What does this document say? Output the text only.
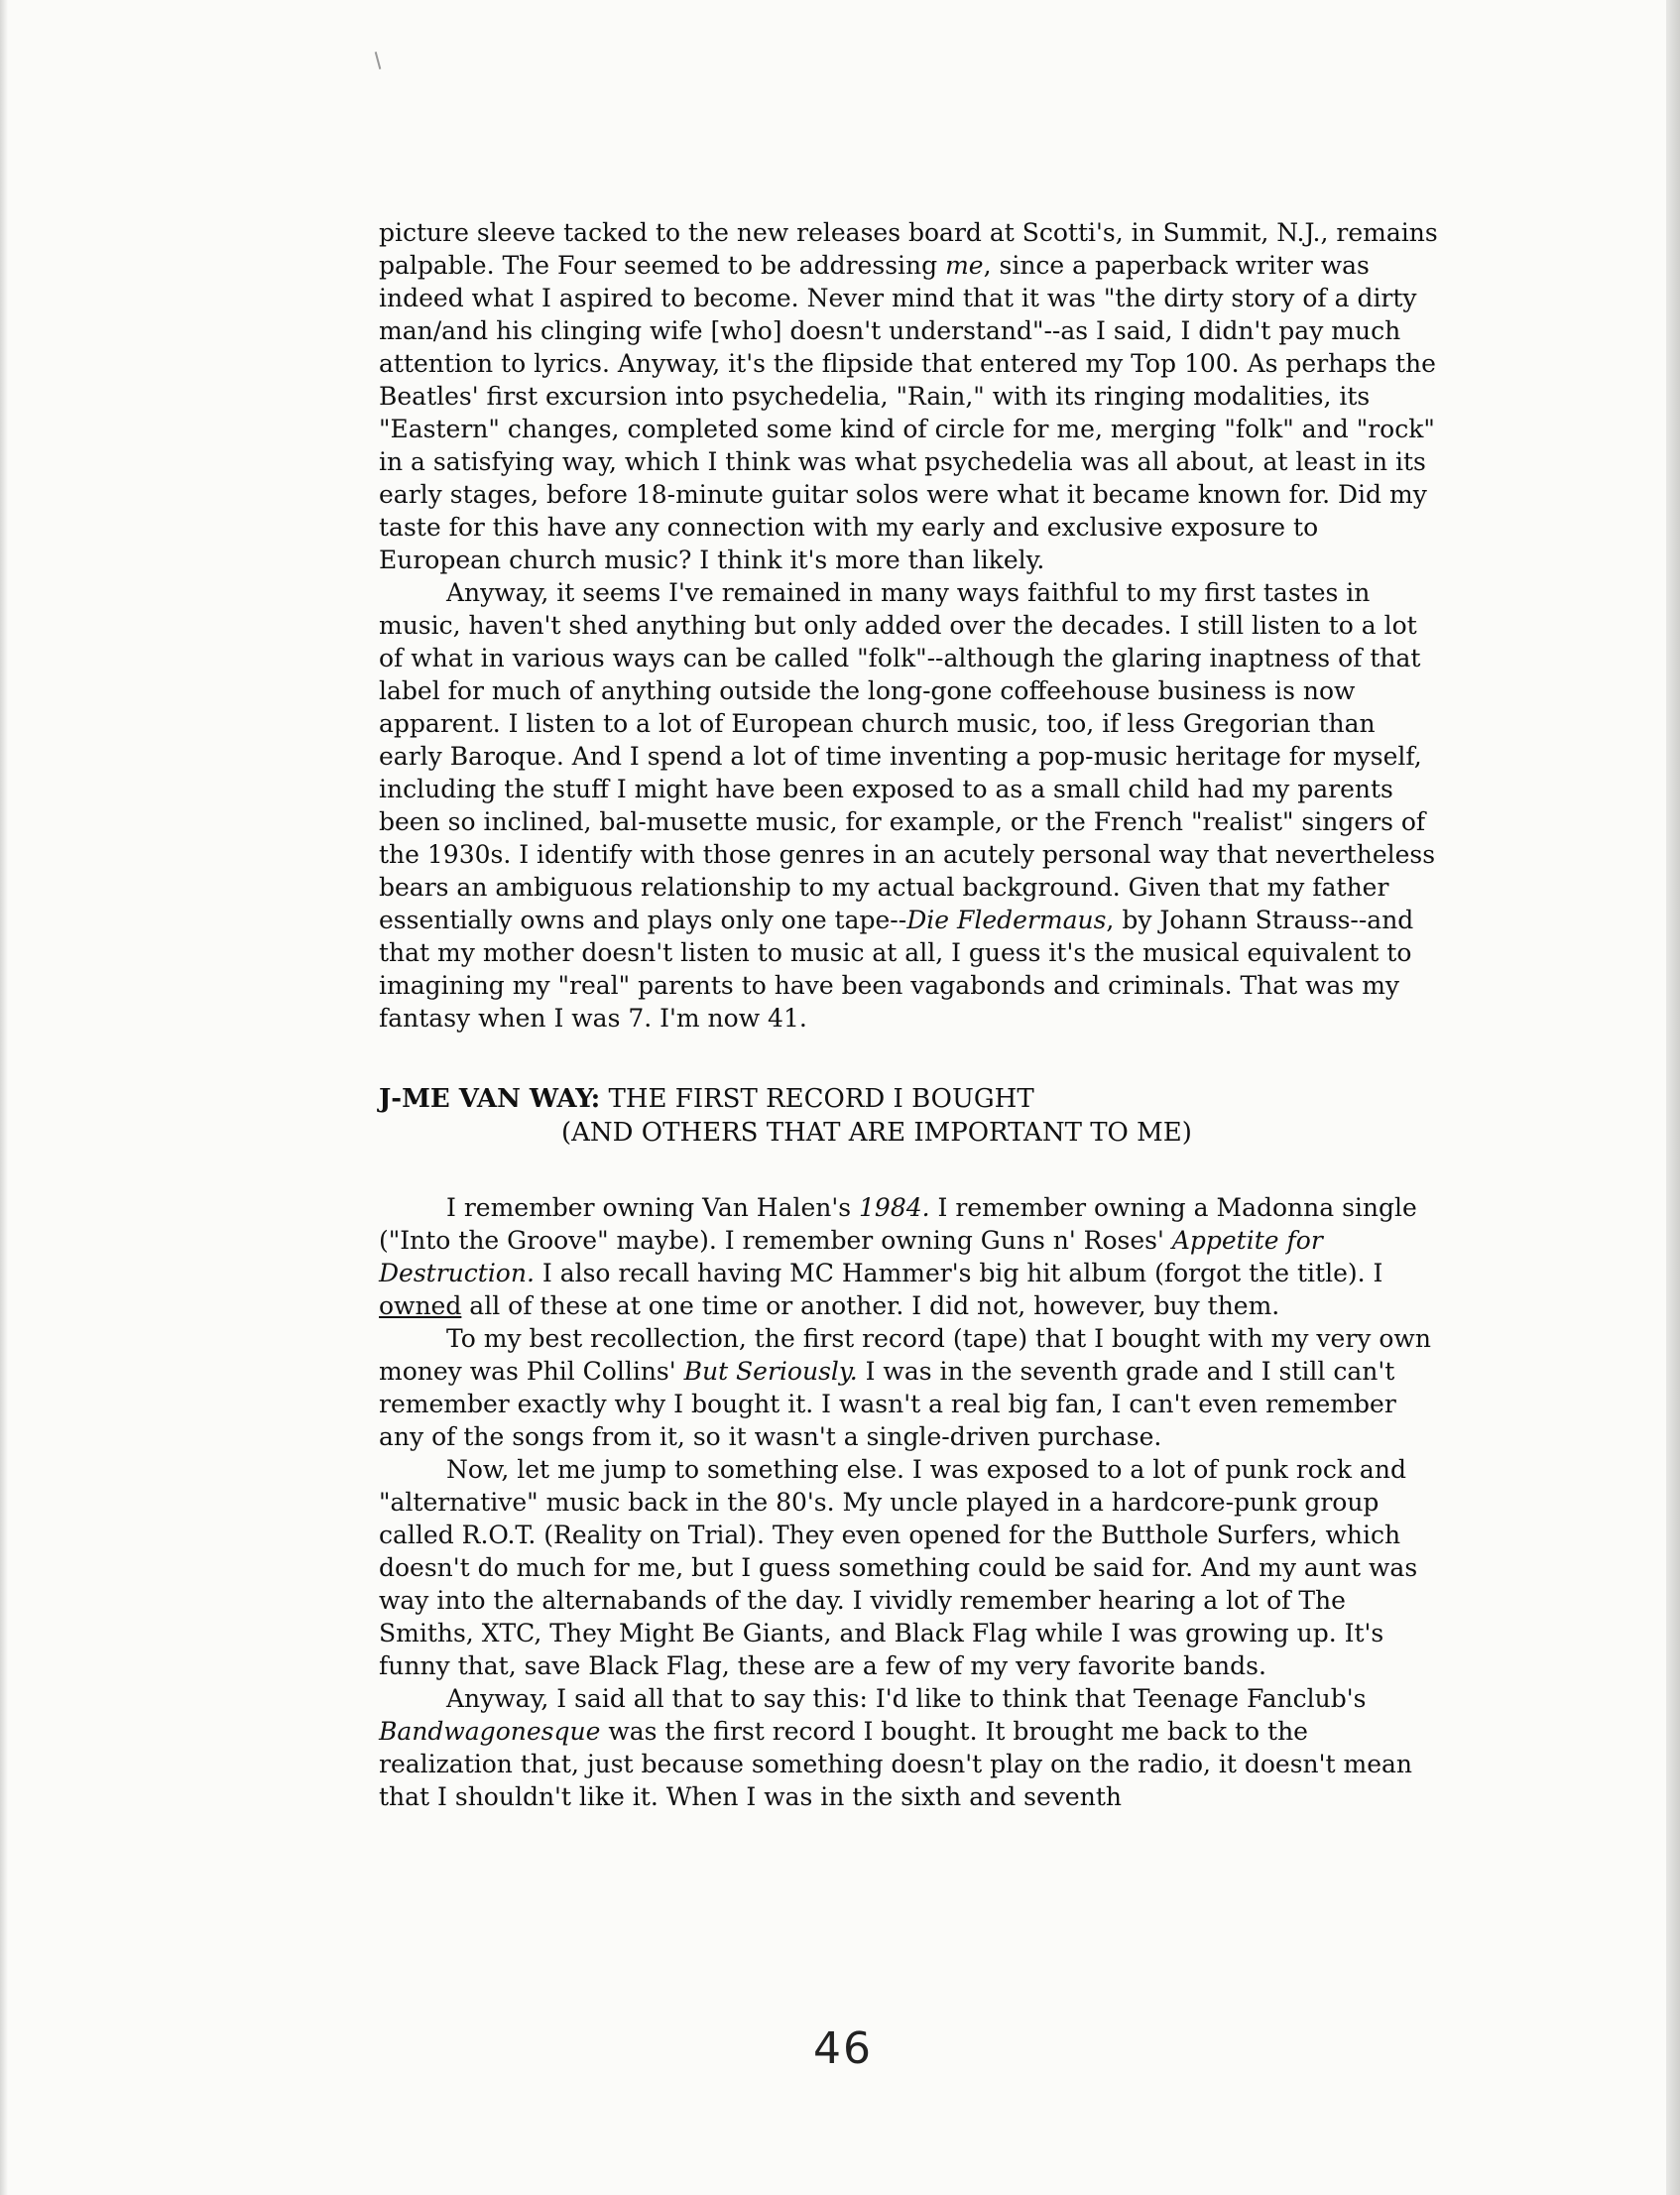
picture sleeve tacked to the new releases board at Scotti's, in Summit, N.J., remains palpable. The Four seemed to be addressing me, since a paperback writer was indeed what I aspired to become. Never mind that it was "the dirty story of a dirty man/and his clinging wife [who] doesn't understand"--as I said, I didn't pay much attention to lyrics. Anyway, it's the flipside that entered my Top 100. As perhaps the Beatles' first excursion into psychedelia, "Rain," with its ringing modalities, its "Eastern" changes, completed some kind of circle for me, merging "folk" and "rock" in a satisfying way, which I think was what psychedelia was all about, at least in its early stages, before 18-minute guitar solos were what it became known for. Did my taste for this have any connection with my early and exclusive exposure to European church music? I think it's more than likely.

Anyway, it seems I've remained in many ways faithful to my first tastes in music, haven't shed anything but only added over the decades. I still listen to a lot of what in various ways can be called "folk"--although the glaring inaptness of that label for much of anything outside the long-gone coffeehouse business is now apparent. I listen to a lot of European church music, too, if less Gregorian than early Baroque. And I spend a lot of time inventing a pop-music heritage for myself, including the stuff I might have been exposed to as a small child had my parents been so inclined, bal-musette music, for example, or the French "realist" singers of the 1930s. I identify with those genres in an acutely personal way that nevertheless bears an ambiguous relationship to my actual background. Given that my father essentially owns and plays only one tape--Die Fledermaus, by Johann Strauss--and that my mother doesn't listen to music at all, I guess it's the musical equivalent to imagining my "real" parents to have been vagabonds and criminals. That was my fantasy when I was 7. I'm now 41.

J-ME VAN WAY: THE FIRST RECORD I BOUGHT
(AND OTHERS THAT ARE IMPORTANT TO ME)

I remember owning Van Halen's 1984. I remember owning a Madonna single ("Into the Groove" maybe). I remember owning Guns n' Roses' Appetite for Destruction. I also recall having MC Hammer's big hit album (forgot the title). I owned all of these at one time or another. I did not, however, buy them.

To my best recollection, the first record (tape) that I bought with my very own money was Phil Collins' But Seriously. I was in the seventh grade and I still can't remember exactly why I bought it. I wasn't a real big fan, I can't even remember any of the songs from it, so it wasn't a single-driven purchase.

Now, let me jump to something else. I was exposed to a lot of punk rock and "alternative" music back in the 80's. My uncle played in a hardcore-punk group called R.O.T. (Reality on Trial). They even opened for the Butthole Surfers, which doesn't do much for me, but I guess something could be said for. And my aunt was way into the alternabands of the day. I vividly remember hearing a lot of The Smiths, XTC, They Might Be Giants, and Black Flag while I was growing up. It's funny that, save Black Flag, these are a few of my very favorite bands.

Anyway, I said all that to say this: I'd like to think that Teenage Fanclub's Bandwagonesque was the first record I bought. It brought me back to the realization that, just because something doesn't play on the radio, it doesn't mean that I shouldn't like it. When I was in the sixth and seventh

46
